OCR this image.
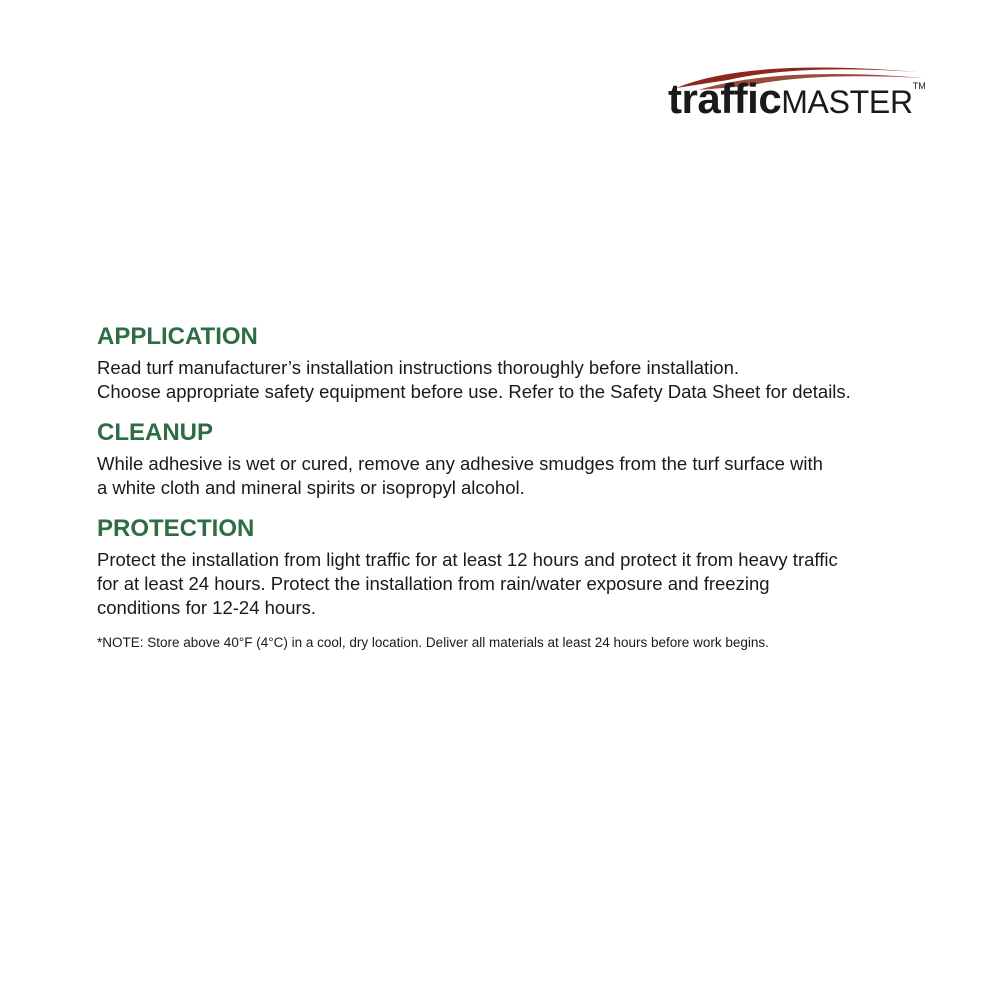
trafficMASTER™
APPLICATION

Read turf manufacturer’s installation instructions thoroughly before installation.

Choose appropriate safety equipment before use. Refer to the Safety Data Sheet for details.

CLEANUP

While adhesive is wet or cured, remove any adhesive smudges from the turf surface with

a white cloth and mineral spirits or isopropyl alcohol.

PROTECTION

Protect the installation from light traffic for at least 12 hours and protect it from heavy traffic

for at least 24 hours. Protect the installation from rain/water exposure and freezing

conditions for 12-24 hours.

*NOTE: Store above 40°F (4°C) in a cool, dry location. Deliver all materials at least 24 hours before work begins.
